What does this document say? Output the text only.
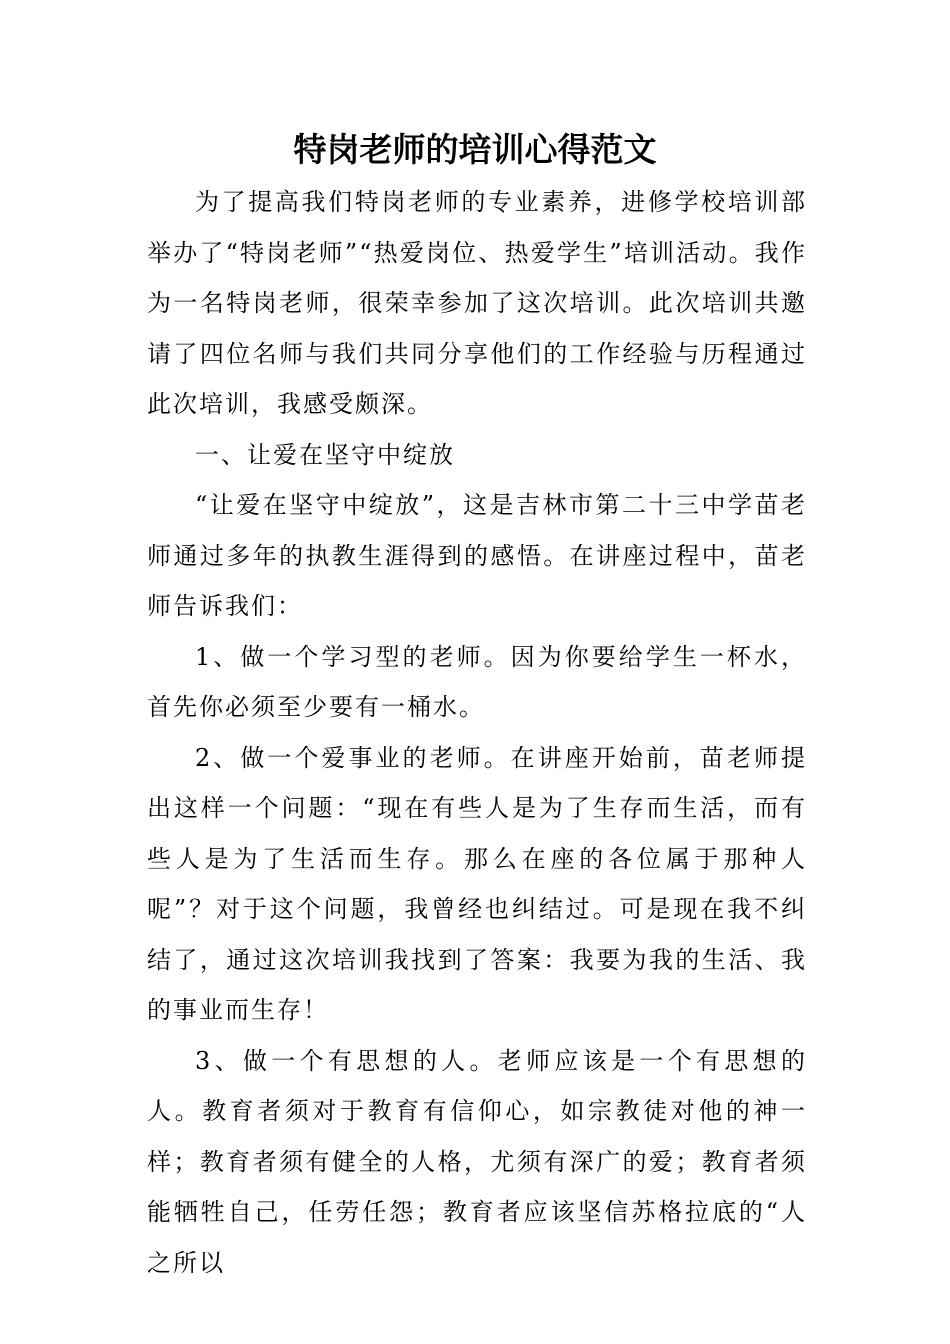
特岗老师的培训心得范文

为了提高我们特岗老师的专业素养，进修学校培训部举办了“特岗老师”“热爱岗位、热爱学生”培训活动。我作为一名特岗老师，很荣幸参加了这次培训。此次培训共邀请了四位名师与我们共同分享他们的工作经验与历程通过此次培训，我感受颇深。

一、让爱在坚守中绽放

“让爱在坚守中绽放”，这是吉林市第二十三中学苗老师通过多年的执教生涯得到的感悟。在讲座过程中，苗老师告诉我们：

1、做一个学习型的老师。因为你要给学生一杯水，首先你必须至少要有一桶水。

2、做一个爱事业的老师。在讲座开始前，苗老师提出这样一个问题：“现在有些人是为了生存而生活，而有些人是为了生活而生存。那么在座的各位属于那种人呢”？对于这个问题，我曾经也纠结过。可是现在我不纠结了，通过这次培训我找到了答案：我要为我的生活、我的事业而生存！

3、做一个有思想的人。老师应该是一个有思想的人。教育者须对于教育有信仰心，如宗教徒对他的神一样；教育者须有健全的人格，尤须有深广的爱；教育者须能牺牲自己，任劳任怨；教育者应该坚信苏格拉底的“人之所以
